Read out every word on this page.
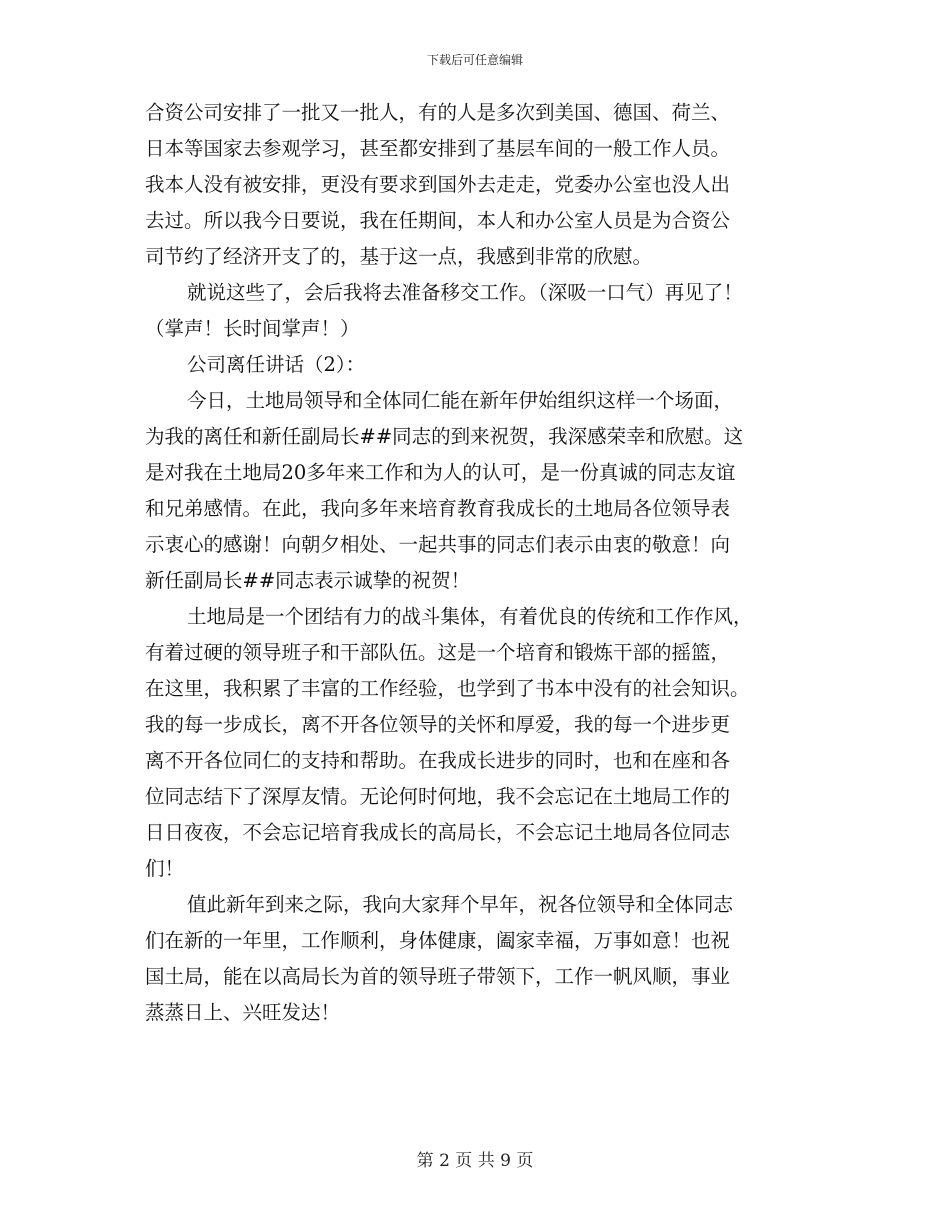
下载后可任意编辑
合资公司安排了一批又一批人，有的人是多次到美国、德国、荷兰、
日本等国家去参观学习，甚至都安排到了基层车间的一般工作人员。
我本人没有被安排，更没有要求到国外去走走，党委办公室也没人出
去过。所以我今日要说，我在任期间，本人和办公室人员是为合资公
司节约了经济开支了的，基于这一点，我感到非常的欣慰。
就说这些了，会后我将去准备移交工作。（深吸一口气）再见了！
（掌声！长时间掌声！）
公司离任讲话（2）：
今日，土地局领导和全体同仁能在新年伊始组织这样一个场面，
为我的离任和新任副局长##同志的到来祝贺，我深感荣幸和欣慰。这
是对我在土地局20多年来工作和为人的认可，是一份真诚的同志友谊
和兄弟感情。在此，我向多年来培育教育我成长的土地局各位领导表
示衷心的感谢！向朝夕相处、一起共事的同志们表示由衷的敬意！向
新任副局长##同志表示诚挚的祝贺！
土地局是一个团结有力的战斗集体，有着优良的传统和工作作风，
有着过硬的领导班子和干部队伍。这是一个培育和锻炼干部的摇篮，
在这里，我积累了丰富的工作经验，也学到了书本中没有的社会知识。
我的每一步成长，离不开各位领导的关怀和厚爱，我的每一个进步更
离不开各位同仁的支持和帮助。在我成长进步的同时，也和在座和各
位同志结下了深厚友情。无论何时何地，我不会忘记在土地局工作的
日日夜夜，不会忘记培育我成长的高局长，不会忘记土地局各位同志
们！
值此新年到来之际，我向大家拜个早年，祝各位领导和全体同志
们在新的一年里，工作顺利，身体健康，阖家幸福，万事如意！也祝
国土局，能在以高局长为首的领导班子带领下，工作一帆风顺，事业
蒸蒸日上、兴旺发达！
第 2 页 共 9 页
